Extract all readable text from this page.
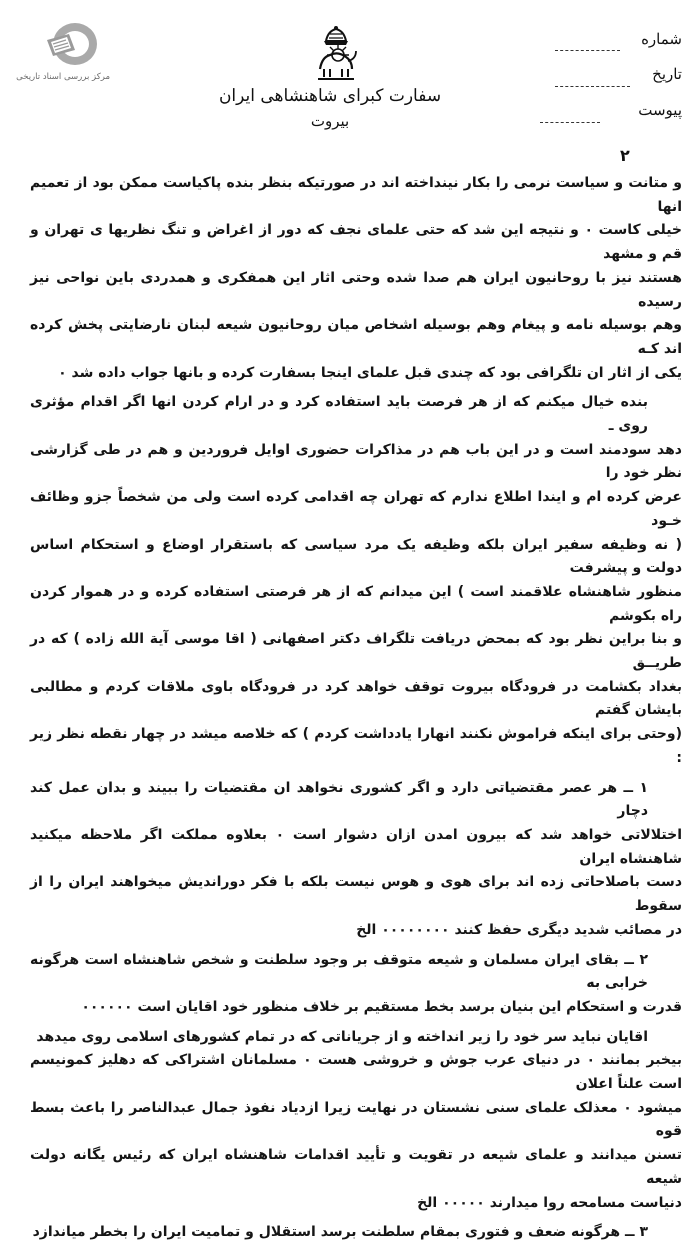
مرکز بررسی اسناد تاریخی
سفارت کبرای شاهنشاهی ایران
بیروت
شماره
تاریخ
پیوست
۲

و متانت و سیاست نرمی را بکار نینداخته اند در صورتیکه بنظر بنده پاکیاست ممکن بود از تعمیم انها

خیلی کاست ۰ و نتیجه این شد که حتی علمای نجف که دور از اغراض و تنگ نظریها ی تهران و قم و مشهد

هستند نیز با روحانیون ایران هم صدا شده وحتی اثار این همفکری و همدردی باین نواحی نیز رسیده

وهم بوسیله نامه و پیغام وهم بوسیله اشخاص میان روحانیون شیعه لبنان نارضایتی پخش کرده اند کـه

یکی از اثار ان تلگرافی بود که چندی قبل علمای اینجا بسفارت کرده و بانها جواب داده شد ۰

بنده خیال میکنم که از هر فرصت باید استفاده کرد و در ارام کردن انها اگر اقدام مؤثری روی ـ

دهد سودمند است و در این باب هم در مذاکرات حضوری اوایل فروردین و هم در طی گزارشی نظر خود را

عرض کرده ام و ایندا اطلاع ندارم که تهران چه اقدامی کرده است ولی من شخصاً جزو وظائف خـود

( نه وظیفه سفیر ایران بلکه وظیفه یک مرد سیاسی که باستقرار اوضاع و استحکام اساس دولت و پیشرفت

منظور شاهنشاه علاقمند است ) این میدانم که از هر فرصتی استفاده کرده و در هموار کردن راه بکوشم

و بنا براین نظر بود که بمحض دریافت تلگراف دکتر اصفهانی ( اقا موسی آیة الله زاده ) که در طریــق

بغداد بکشامت در فرودگاه بیروت توقف خواهد کرد در فرودگاه باوی ملاقات کردم و مطالبی بایشان گفتم

(وحتی برای اینکه فراموش نکنند انهارا یادداشت کردم ) که خلاصه میشد در چهار نقطه نظر زیر :

۱ ــ هر عصر مقتضیاتی دارد و اگر کشوری نخواهد ان مقتضیات را ببیند و بدان عمل کند دچار

اختلالاتی خواهد شد که بیرون امدن ازان دشوار است ۰ بعلاوه مملکت اگر ملاحظه میکنید شاهنشاه ایران

دست باصلاحاتی زده اند برای هوی و هوس نیست بلکه با فکر دوراندیش میخواهند ایران را از سقوط

در مصائب شدید دیگری حفظ کنند ۰۰۰۰۰۰۰۰ الخ

۲ ــ بقای ایران مسلمان و شیعه متوقف بر وجود سلطنت و شخص شاهنشاه است هرگونه خرابی به

قدرت و استحکام این بنیان برسد بخط مستقیم بر خلاف منظور خود اقایان است ۰۰۰۰۰۰

اقایان نباید سر خود را زیر انداخته و از جریاناتی که در تمام کشورهای اسلامی روی میدهد

بیخبر بمانند ۰ در دنیای عرب جوش و خروشی هست ۰ مسلمانان اشتراکی که دهلیز کمونیسم است علناً اعلان

میشود ۰ معذلک علمای سنی نشستان در نهایت زیرا ازدیاد نفوذ جمال عبدالناصر را باعث بسط قوه

تسنن میدانند و علمای شیعه در تقویت و تأیید اقدامات شاهنشاه ایران که رئیس یگانه دولت شیعه

دنیاست مسامحه روا میدارند ۰۰۰۰۰ الخ

۳ ــ هرگونه ضعف و فتوری بمقام سلطنت برسد استقلال و تمامیت ایران را بخطر میاندازد
